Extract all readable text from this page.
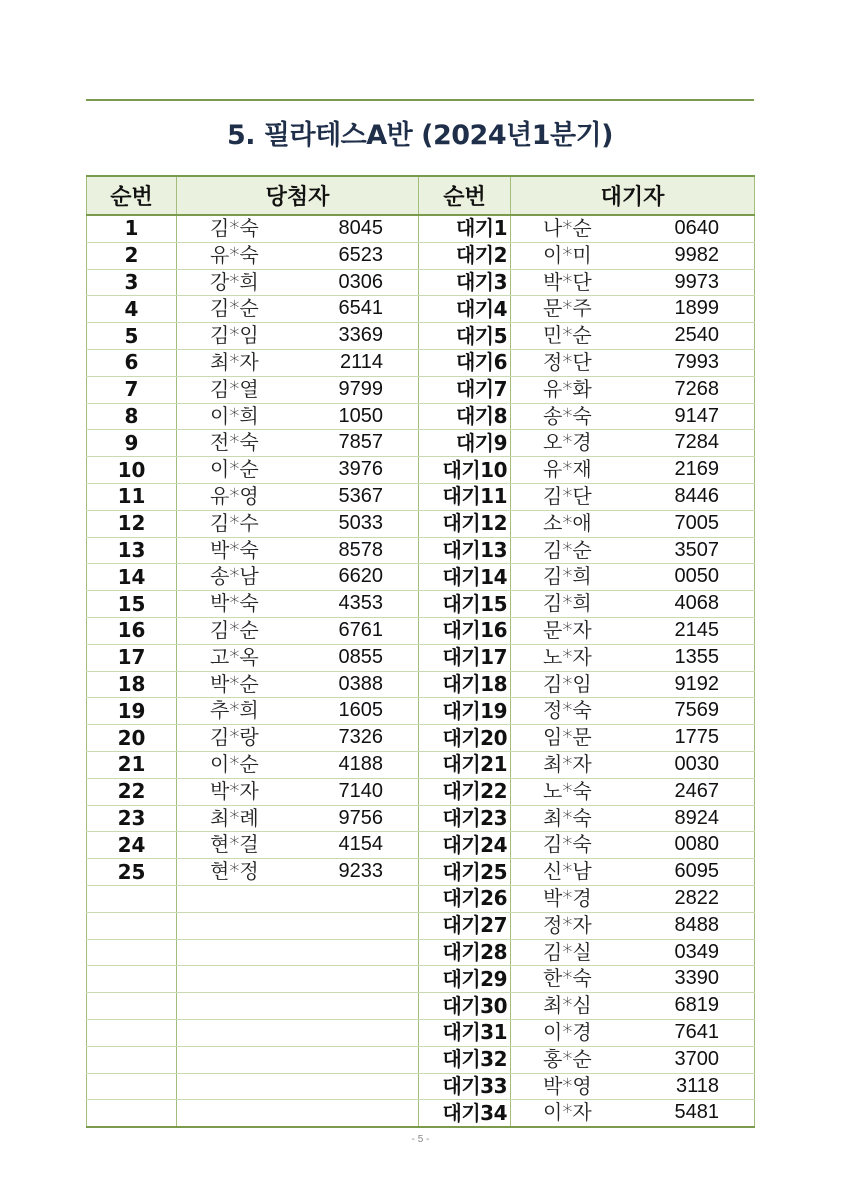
5. 필라테스A반 (2024년1분기)
순번	당첨자	순번	대기자
1	김*숙 8045	대기1	나*순 0640

2	유*숙 6523	대기2	이*미 9982

3	강*희 0306	대기3	박*단 9973

4	김*순 6541	대기4	문*주 1899

5	김*임 3369	대기5	민*순 2540

6	최*자 2114	대기6	정*단 7993

7	김*열 9799	대기7	유*화 7268

8	이*희 1050	대기8	송*숙 9147

9	전*숙 7857	대기9	오*경 7284

10	이*순 3976	대기10	유*재 2169

11	유*영 5367	대기11	김*단 8446

12	김*수 5033	대기12	소*애 7005

13	박*숙 8578	대기13	김*순 3507

14	송*남 6620	대기14	김*희 0050

15	박*숙 4353	대기15	김*희 4068

16	김*순 6761	대기16	문*자 2145

17	고*옥 0855	대기17	노*자 1355

18	박*순 0388	대기18	김*임 9192

19	추*희 1605	대기19	정*숙 7569

20	김*랑 7326	대기20	임*문 1775

21	이*순 4188	대기21	최*자 0030

22	박*자 7140	대기22	노*숙 2467

23	최*례 9756	대기23	최*숙 8924

24	현*걸 4154	대기24	김*숙 0080

25	현*정 9233	대기25	신*남 6095

		대기26	박*경 2822

		대기27	정*자 8488

		대기28	김*실 0349

		대기29	한*숙 3390

		대기30	최*심 6819

		대기31	이*경 7641

		대기32	홍*순 3700

		대기33	박*영 3118

		대기34	이*자 5481
- 5 -
